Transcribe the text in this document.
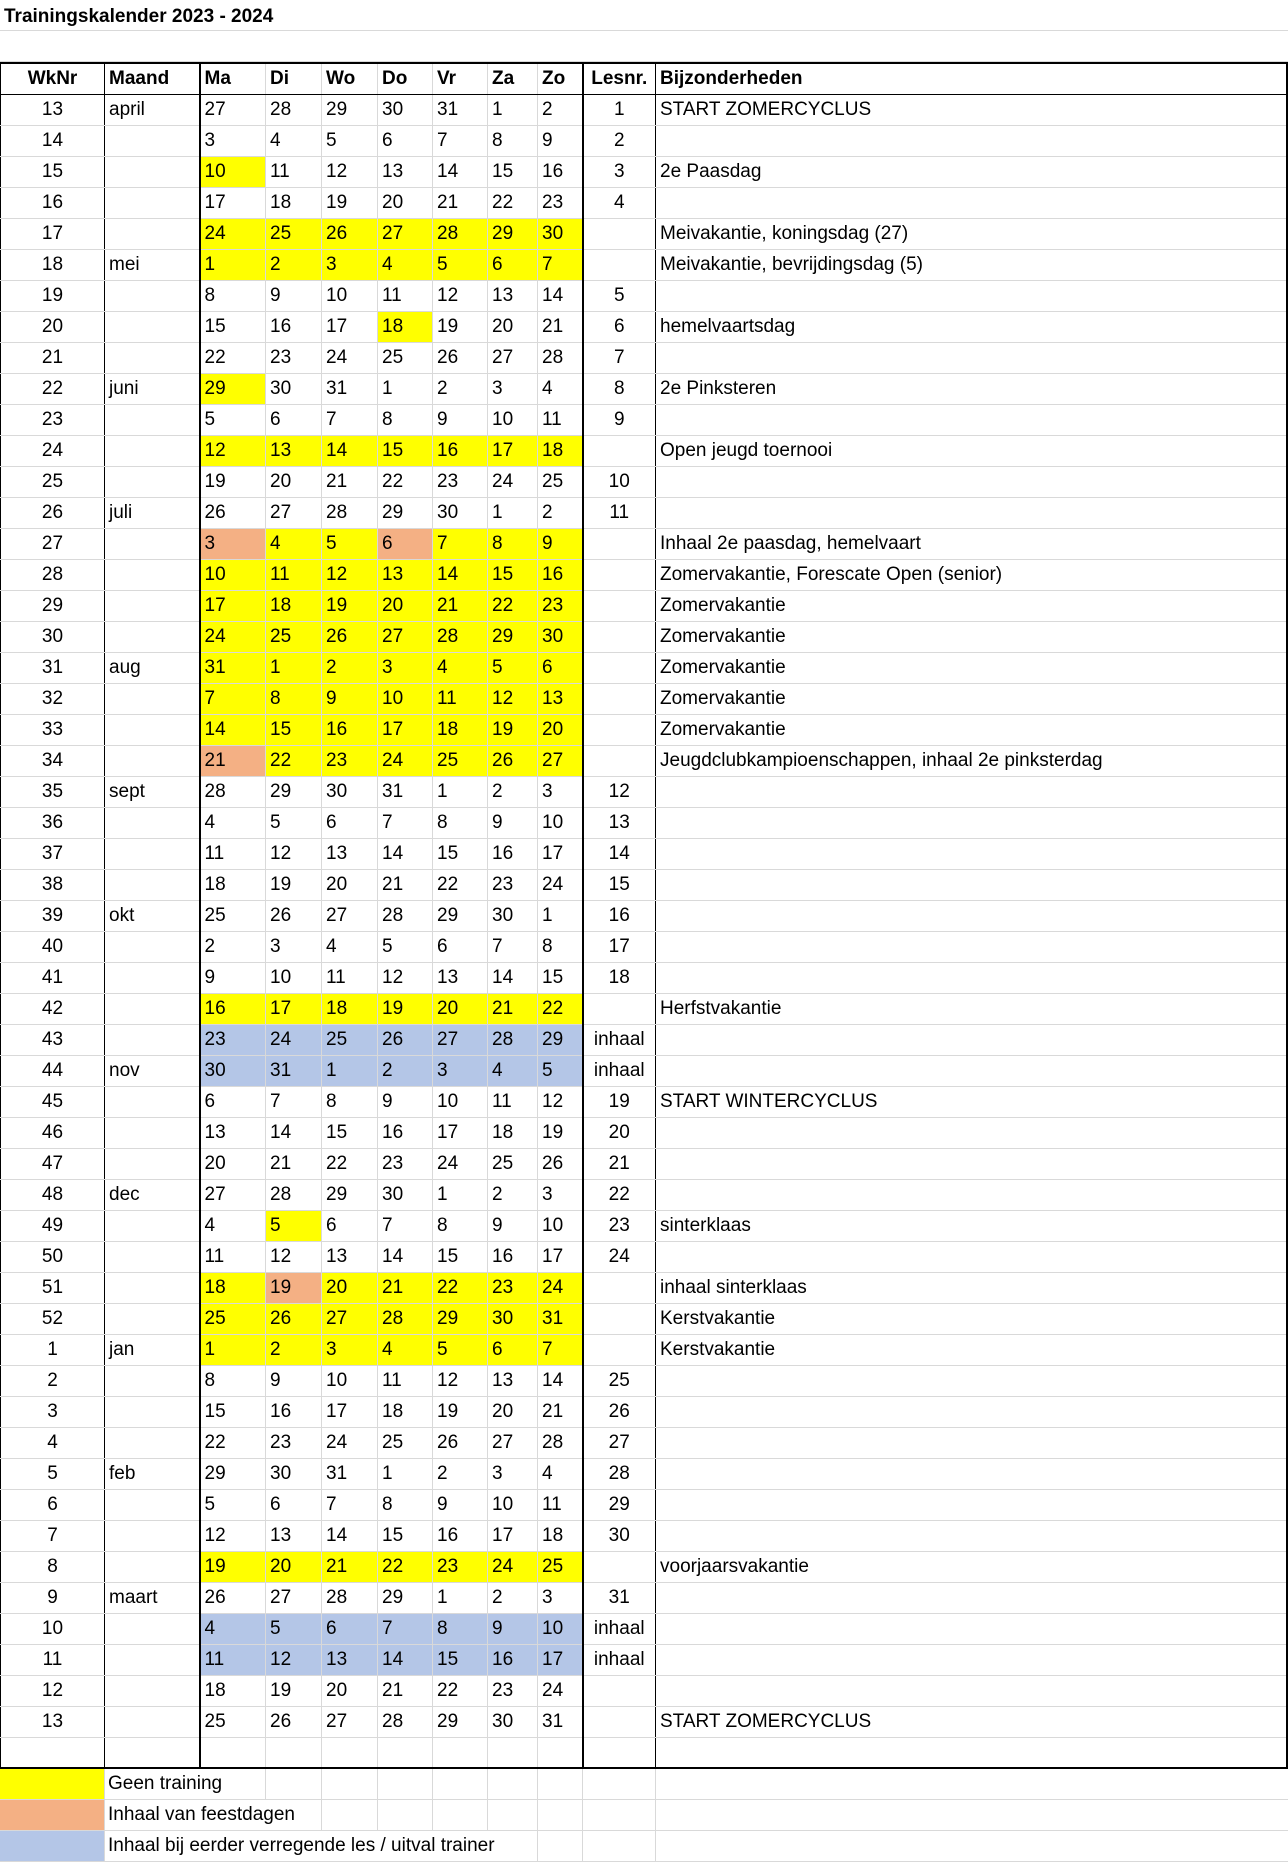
Trainingskalender 2023 - 2024
WkNr	Maand	Ma	Di	Wo	Do	Vr	Za	Zo	Lesnr.	Bijzonderheden
13	april	27	28	29	30	31	1	2	1	START ZOMERCYCLUS
14		3	4	5	6	7	8	9	2	
15		10	11	12	13	14	15	16	3	2e Paasdag
16		17	18	19	20	21	22	23	4	
17		24	25	26	27	28	29	30		Meivakantie, koningsdag (27)
18	mei	1	2	3	4	5	6	7		Meivakantie, bevrijdingsdag (5)
19		8	9	10	11	12	13	14	5	
20		15	16	17	18	19	20	21	6	hemelvaartsdag
21		22	23	24	25	26	27	28	7	
22	juni	29	30	31	1	2	3	4	8	2e Pinksteren
23		5	6	7	8	9	10	11	9	
24		12	13	14	15	16	17	18		Open jeugd toernooi
25		19	20	21	22	23	24	25	10	
26	juli	26	27	28	29	30	1	2	11	
27		3	4	5	6	7	8	9		Inhaal 2e paasdag, hemelvaart
28		10	11	12	13	14	15	16		Zomervakantie, Forescate Open (senior)
29		17	18	19	20	21	22	23		Zomervakantie
30		24	25	26	27	28	29	30		Zomervakantie
31	aug	31	1	2	3	4	5	6		Zomervakantie
32		7	8	9	10	11	12	13		Zomervakantie
33		14	15	16	17	18	19	20		Zomervakantie
34		21	22	23	24	25	26	27		Jeugdclubkampioenschappen, inhaal 2e pinksterdag
35	sept	28	29	30	31	1	2	3	12	
36		4	5	6	7	8	9	10	13	
37		11	12	13	14	15	16	17	14	
38		18	19	20	21	22	23	24	15	
39	okt	25	26	27	28	29	30	1	16	
40		2	3	4	5	6	7	8	17	
41		9	10	11	12	13	14	15	18	
42		16	17	18	19	20	21	22		Herfstvakantie
43		23	24	25	26	27	28	29	inhaal	
44	nov	30	31	1	2	3	4	5	inhaal	
45		6	7	8	9	10	11	12	19	START WINTERCYCLUS
46		13	14	15	16	17	18	19	20	
47		20	21	22	23	24	25	26	21	
48	dec	27	28	29	30	1	2	3	22	
49		4	5	6	7	8	9	10	23	sinterklaas
50		11	12	13	14	15	16	17	24	
51		18	19	20	21	22	23	24		inhaal sinterklaas
52		25	26	27	28	29	30	31		Kerstvakantie
1	jan	1	2	3	4	5	6	7		Kerstvakantie
2		8	9	10	11	12	13	14	25	
3		15	16	17	18	19	20	21	26	
4		22	23	24	25	26	27	28	27	
5	feb	29	30	31	1	2	3	4	28	
6		5	6	7	8	9	10	11	29	
7		12	13	14	15	16	17	18	30	
8		19	20	21	22	23	24	25		voorjaarsvakantie
9	maart	26	27	28	29	1	2	3	31	
10		4	5	6	7	8	9	10	inhaal	
11		11	12	13	14	15	16	17	inhaal	
12		18	19	20	21	22	23	24		
13		25	26	27	28	29	30	31		START ZOMERCYCLUS

Geen training
Inhaal van feestdagen
Inhaal bij eerder verregende les / uitval trainer
